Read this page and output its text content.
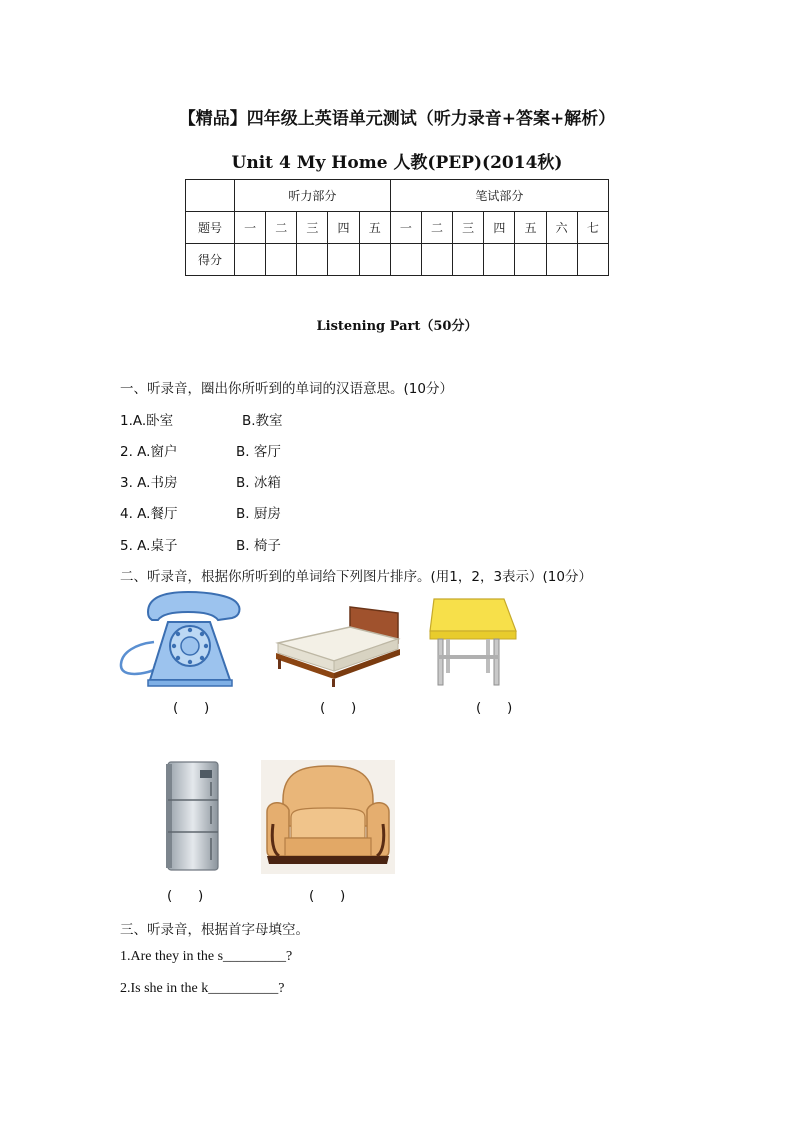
【精品】四年级上英语单元测试（听力录音+答案+解析）
Unit 4 My Home 人教(PEP)(2014秋)
	听力部分					笔试部分						
题号	一	二	三	四	五	一	二	三	四	五	六	七
得分												
Listening Part（50分）
一、听录音，圈出你所听到的单词的汉语意思。(10分）
1.A.卧室	B.教室
2. A.窗户	B. 客厅
3. A.书房	B. 冰箱
4. A.餐厅	B. 厨房
5. A.桌子	B. 椅子
二、听录音，根据你所听到的单词给下列图片排序。(用1，2，3表示）(10分）
(      )	(      )	(      )
(      )	(      )
三、听录音，根据首字母填空。
1.Are they in the s_________?
2.Is she in the k__________?
